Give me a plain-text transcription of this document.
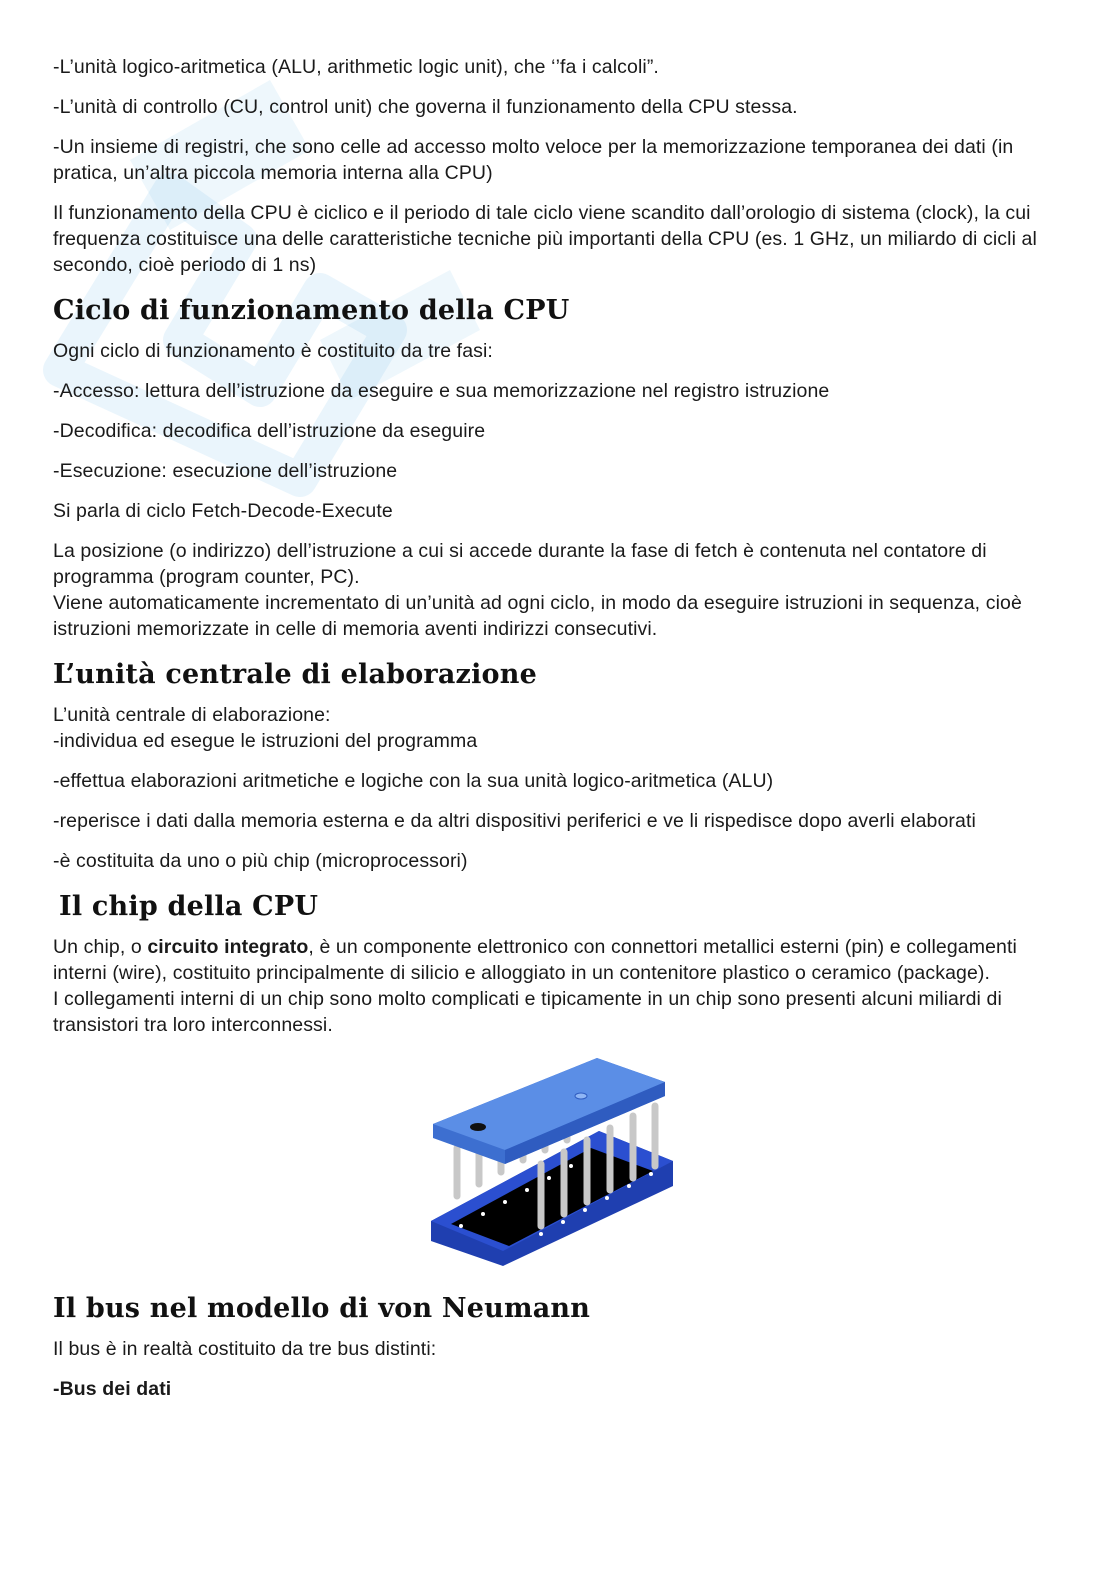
-L’unità logico-aritmetica (ALU, arithmetic logic unit), che ‘’fa i calcoli”.

-L’unità di controllo (CU, control unit) che governa il funzionamento della CPU stessa.

-Un insieme di registri, che sono celle ad accesso molto veloce per la memorizzazione temporanea dei dati (in pratica, un’altra piccola memoria interna alla CPU)

Il funzionamento della CPU è ciclico e il periodo di tale ciclo viene scandito dall’orologio di sistema (clock), la cui frequenza costituisce una delle caratteristiche tecniche più importanti della CPU (es. 1 GHz, un miliardo di cicli al secondo, cioè periodo di 1 ns)

Ciclo di funzionamento della CPU

Ogni ciclo di funzionamento è costituito da tre fasi:

-Accesso: lettura dell’istruzione da eseguire e sua memorizzazione nel registro istruzione

-Decodifica: decodifica dell’istruzione da eseguire

-Esecuzione: esecuzione dell’istruzione

Si parla di ciclo Fetch-Decode-Execute

La posizione (o indirizzo) dell’istruzione a cui si accede durante la fase di fetch è contenuta nel contatore di programma (program counter, PC).

Viene automaticamente incrementato di un’unità ad ogni ciclo, in modo da eseguire istruzioni in sequenza, cioè istruzioni memorizzate in celle di memoria aventi indirizzi consecutivi.

L’unità centrale di elaborazione

L’unità centrale di elaborazione:

-individua ed esegue le istruzioni del programma

-effettua elaborazioni aritmetiche e logiche con la sua unità logico-aritmetica (ALU)

-reperisce i dati dalla memoria esterna e da altri dispositivi periferici e ve li rispedisce dopo averli elaborati

-è costituita da uno o più chip (microprocessori)

Il chip della CPU

Un chip, o circuito integrato, è un componente elettronico con connettori metallici esterni (pin) e collegamenti interni (wire), costituito principalmente di silicio e alloggiato in un contenitore plastico o ceramico (package).

I collegamenti interni di un chip sono molto complicati e tipicamente in un chip sono presenti alcuni miliardi di transistori tra loro interconnessi.

Il bus nel modello di von Neumann

Il bus è in realtà costituito da tre bus distinti:

-Bus dei dati
